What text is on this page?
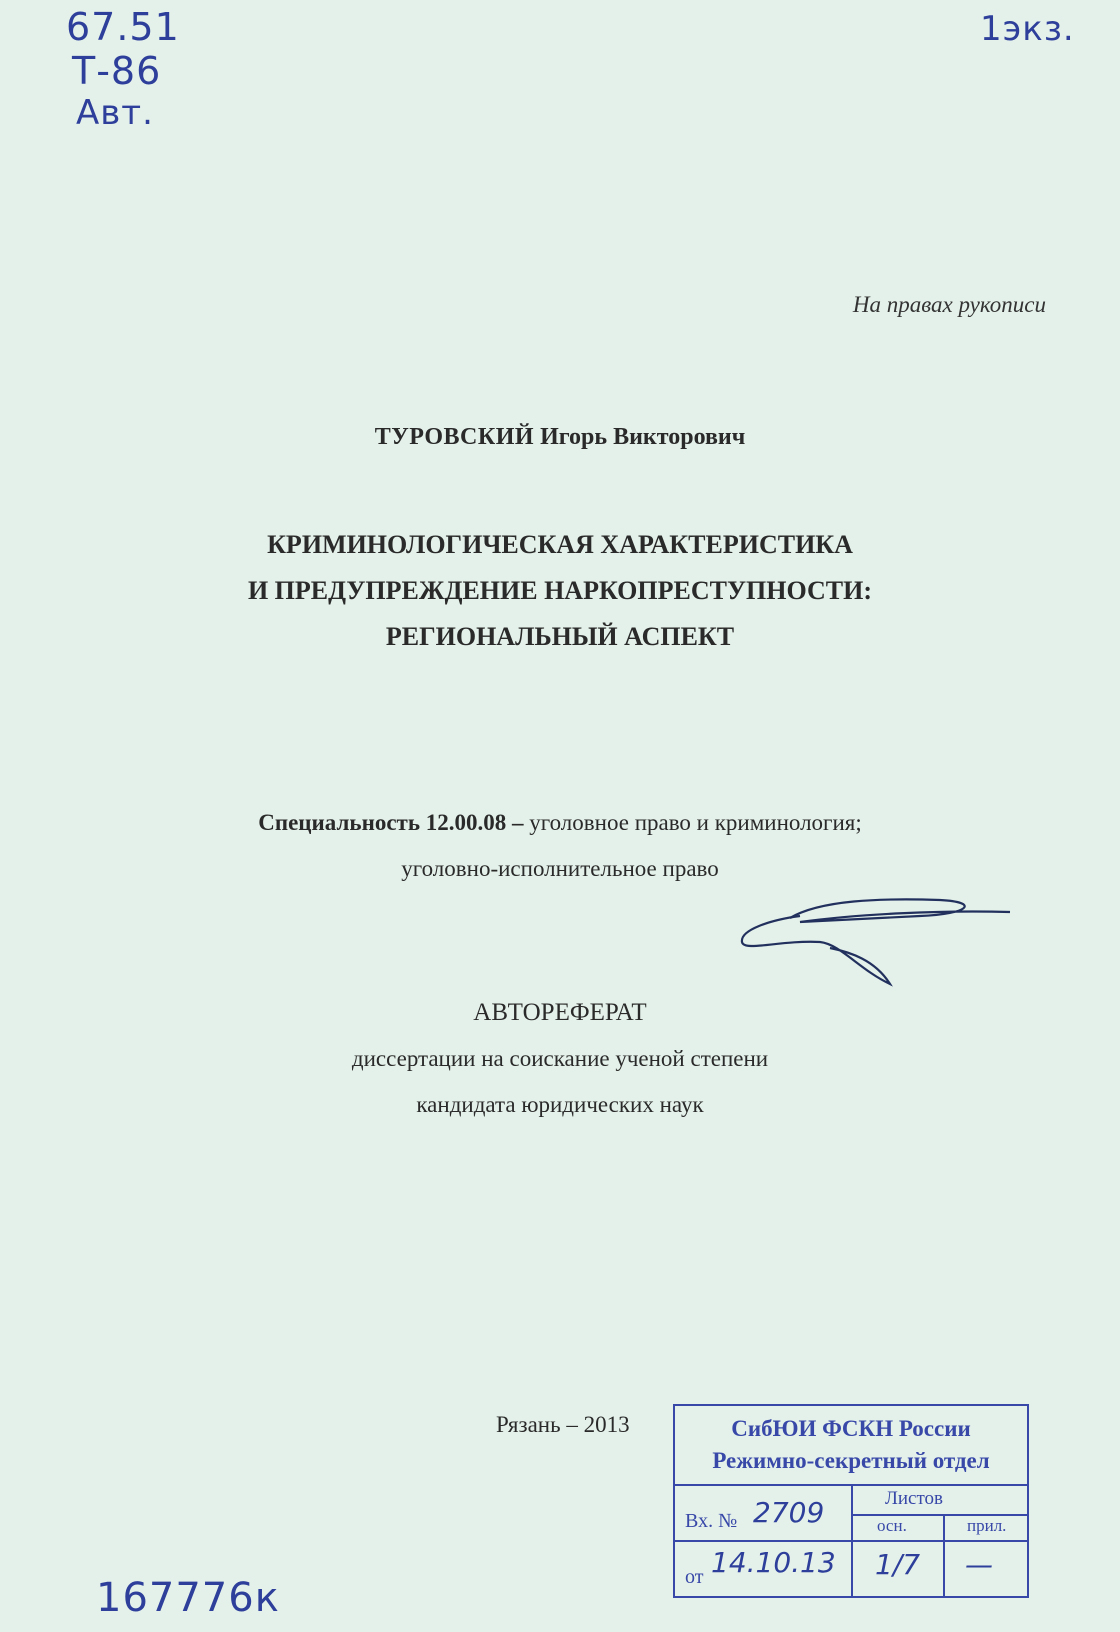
67.51
Т-86
Авт.
1экз.
На правах рукописи
ТУРОВСКИЙ Игорь Викторович
КРИМИНОЛОГИЧЕСКАЯ ХАРАКТЕРИСТИКА
И ПРЕДУПРЕЖДЕНИЕ НАРКОПРЕСТУПНОСТИ:
РЕГИОНАЛЬНЫЙ АСПЕКТ
Специальность 12.00.08 – уголовное право и криминология;
уголовно-исполнительное право
АВТОРЕФЕРАТ
диссертации на соискание ученой степени
кандидата юридических наук
Рязань – 2013	СибЮИ ФСКН России
Режимно-секретный отдел
Листов
осн.	прил.
Вх. № 2709
от 14.10.13 1/7 —
167776к
